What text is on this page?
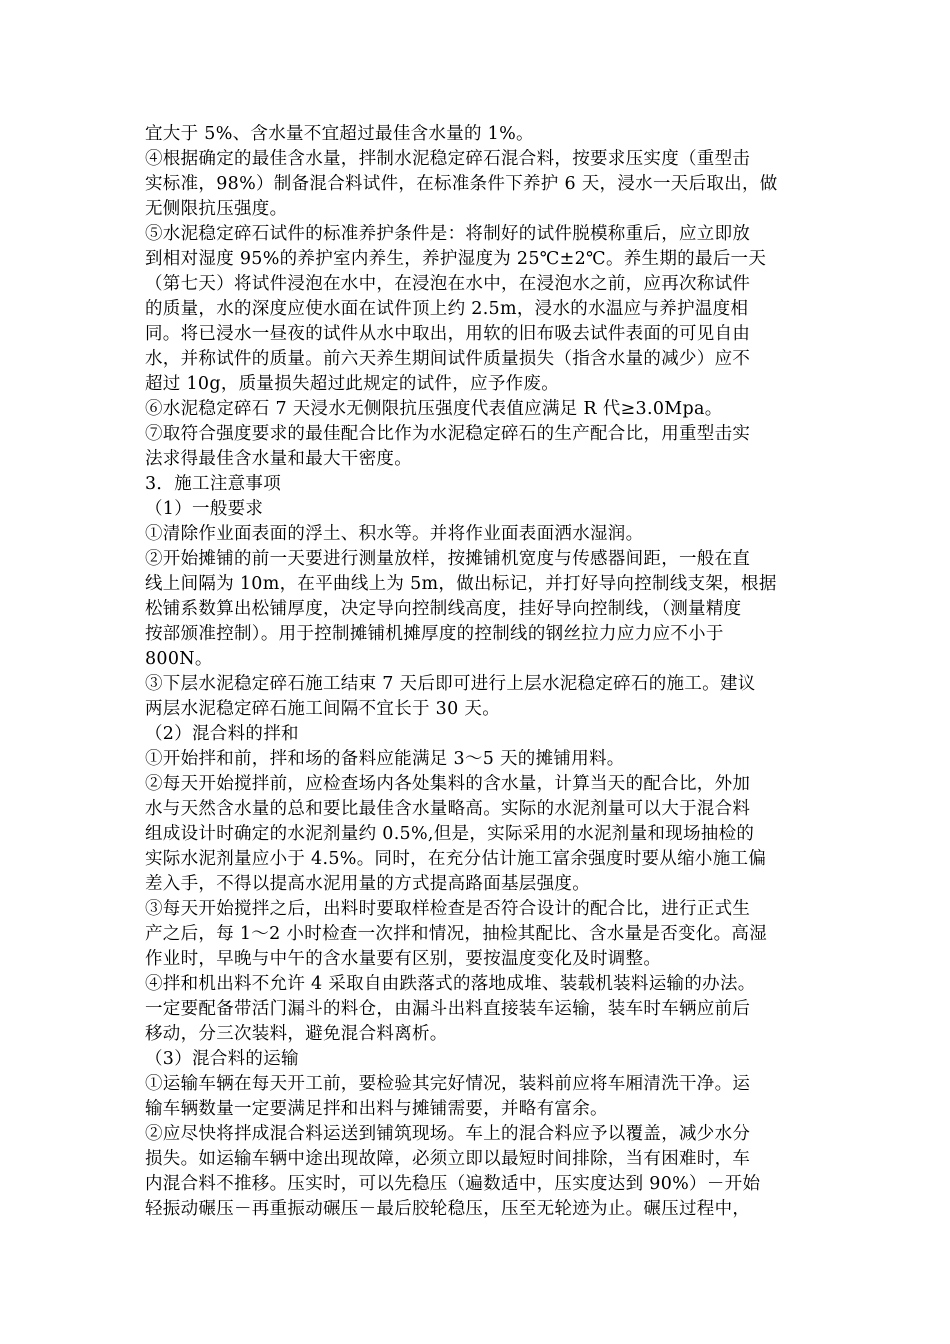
宜大于 5%、含水量不宜超过最佳含水量的 1%。
④根据确定的最佳含水量，拌制水泥稳定碎石混合料，按要求压实度（重型击
实标准，98%）制备混合料试件，在标准条件下养护 6 天，浸水一天后取出，做
无侧限抗压强度。
⑤水泥稳定碎石试件的标准养护条件是：将制好的试件脱模称重后，应立即放
到相对湿度 95%的养护室内养生，养护湿度为 25℃±2℃。养生期的最后一天
（第七天）将试件浸泡在水中，在浸泡在水中，在浸泡水之前，应再次称试件
的质量，水的深度应使水面在试件顶上约 2.5m，浸水的水温应与养护温度相
同。将已浸水一昼夜的试件从水中取出，用软的旧布吸去试件表面的可见自由
水，并称试件的质量。前六天养生期间试件质量损失（指含水量的减少）应不
超过 10g，质量损失超过此规定的试件，应予作废。
⑥水泥稳定碎石 7 天浸水无侧限抗压强度代表值应满足 R 代≥3.0Mpa。
⑦取符合强度要求的最佳配合比作为水泥稳定碎石的生产配合比，用重型击实
法求得最佳含水量和最大干密度。
3．施工注意事项
（1）一般要求
①清除作业面表面的浮土、积水等。并将作业面表面洒水湿润。
②开始摊铺的前一天要进行测量放样，按摊铺机宽度与传感器间距，一般在直
线上间隔为 10m，在平曲线上为 5m，做出标记，并打好导向控制线支架，根据
松铺系数算出松铺厚度，决定导向控制线高度，挂好导向控制线，（测量精度
按部颁准控制）。用于控制摊铺机摊厚度的控制线的钢丝拉力应力应不小于
800N。
③下层水泥稳定碎石施工结束 7 天后即可进行上层水泥稳定碎石的施工。建议
两层水泥稳定碎石施工间隔不宜长于 30 天。
（2）混合料的拌和
①开始拌和前，拌和场的备料应能满足 3～5 天的摊铺用料。
②每天开始搅拌前，应检查场内各处集料的含水量，计算当天的配合比，外加
水与天然含水量的总和要比最佳含水量略高。实际的水泥剂量可以大于混合料
组成设计时确定的水泥剂量约 0.5%,但是，实际采用的水泥剂量和现场抽检的
实际水泥剂量应小于 4.5%。同时，在充分估计施工富余强度时要从缩小施工偏
差入手，不得以提高水泥用量的方式提高路面基层强度。
③每天开始搅拌之后，出料时要取样检查是否符合设计的配合比，进行正式生
产之后，每 1～2 小时检查一次拌和情况，抽检其配比、含水量是否变化。高湿
作业时，早晚与中午的含水量要有区别，要按温度变化及时调整。
④拌和机出料不允许 4 采取自由跌落式的落地成堆、装载机装料运输的办法。
一定要配备带活门漏斗的料仓，由漏斗出料直接装车运输，装车时车辆应前后
移动，分三次装料，避免混合料离析。
（3）混合料的运输
①运输车辆在每天开工前，要检验其完好情况，装料前应将车厢清洗干净。运
输车辆数量一定要满足拌和出料与摊铺需要，并略有富余。
②应尽快将拌成混合料运送到铺筑现场。车上的混合料应予以覆盖，减少水分
损失。如运输车辆中途出现故障，必须立即以最短时间排除，当有困难时，车
内混合料不推移。压实时，可以先稳压（遍数适中，压实度达到 90%）－开始
轻振动碾压－再重振动碾压－最后胶轮稳压，压至无轮迹为止。碾压过程中，
